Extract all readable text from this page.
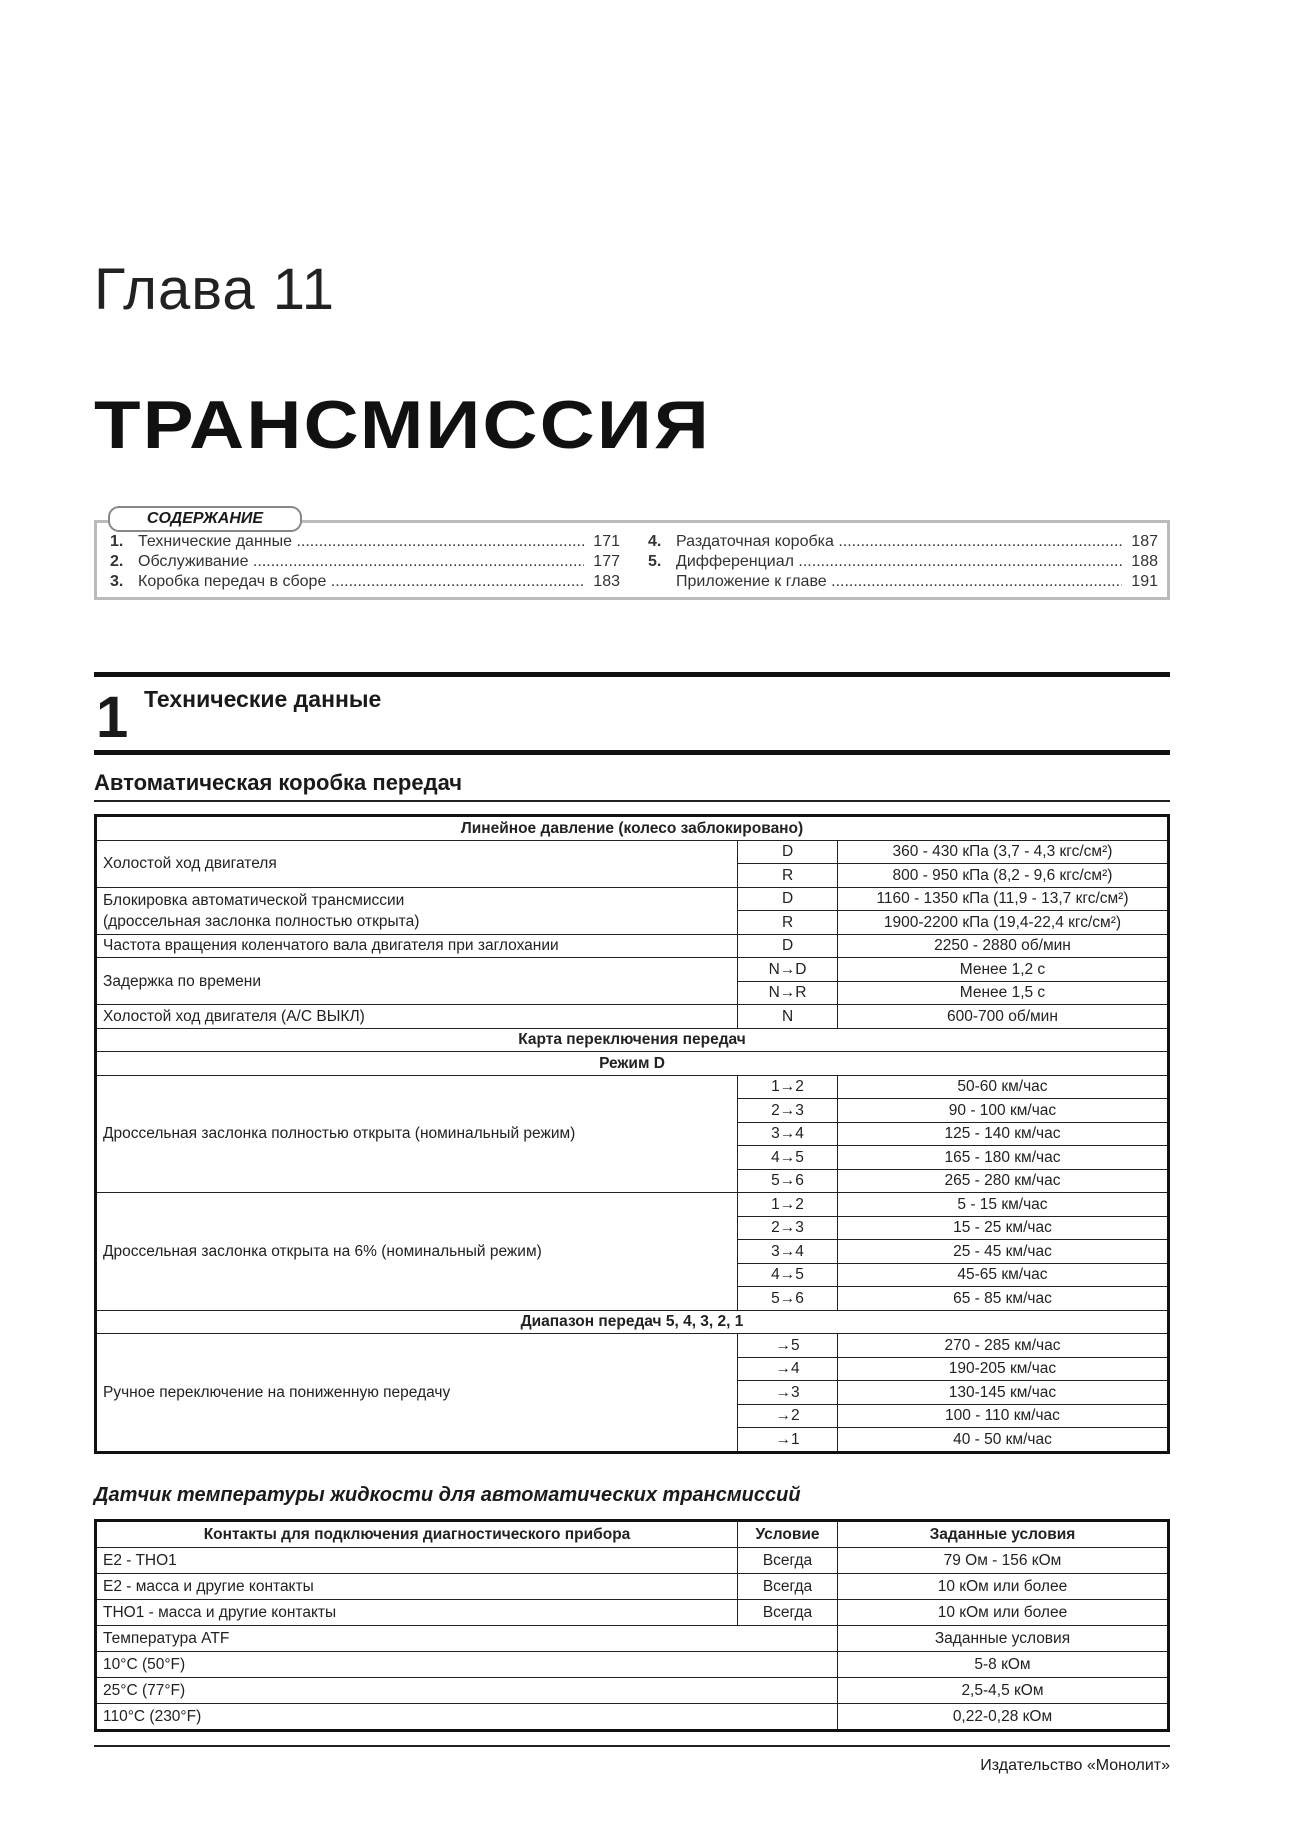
Глава 11
ТРАНСМИССИЯ
СОДЕРЖАНИЕ
1. Технические данные .....	171
2. Обслуживание .....	177
3. Коробка передач в сборе .....	183
4. Раздаточная коробка .....	187
5. Дифференциал .....	188
Приложение к главе .....	191
1 Технические данные
Автоматическая коробка передач
Линейное давление (колесо заблокировано)		
Холостой ход двигателя	D	360 - 430 кПа (3,7 - 4,3 кгс/см²)
	R	800 - 950 кПа (8,2 - 9,6 кгс/см²)

Блокировка автоматической трансмиссии
(дроссельная заслонка полностью открыта)	D	1160 - 1350 кПа (11,9 - 13,7 кгс/см²)
	R	1900-2200 кПа (19,4-22,4 кгс/см²)
Частота вращения коленчатого вала двигателя при заглохании	D	2250 - 2880 об/мин
Задержка по времени	N→D	Менее 1,2 с
	N→R	Менее 1,5 с
Холостой ход двигателя (A/C ВЫКЛ)	N	600-700 об/мин
Карта переключения передач		
Режим D		
Дроссельная заслонка полностью открыта (номинальный режим)	1→2	50-60 км/час
	2→3	90 - 100 км/час
	3→4	125 - 140 км/час
	4→5	165 - 180 км/час
	5→6	265 - 280 км/час
Дроссельная заслонка открыта на 6% (номинальный режим)	1→2	5 - 15 км/час
	2→3	15 - 25 км/час
	3→4	25 - 45 км/час
	4→5	45-65 км/час
	5→6	65 - 85 км/час
Диапазон передач 5, 4, 3, 2, 1		
Ручное переключение на пониженную передачу	→5	270 - 285 км/час
	→4	190-205 км/час
	→3	130-145 км/час
	→2	100 - 110 км/час
	→1	40 - 50 км/час
Датчик температуры жидкости для автоматических трансмиссий
Контакты для подключения диагностического прибора	Условие	Заданные условия
E2 - THO1	Всегда	79 Ом - 156 кОм
E2 - масса и другие контакты	Всегда	10 кОм или более
THO1 - масса и другие контакты	Всегда	10 кОм или более
Температура ATF		Заданные условия
10°C (50°F)		5-8 кОм
25°C (77°F)		2,5-4,5 кОм
110°C (230°F)		0,22-0,28 кОм
Издательство «Монолит»
